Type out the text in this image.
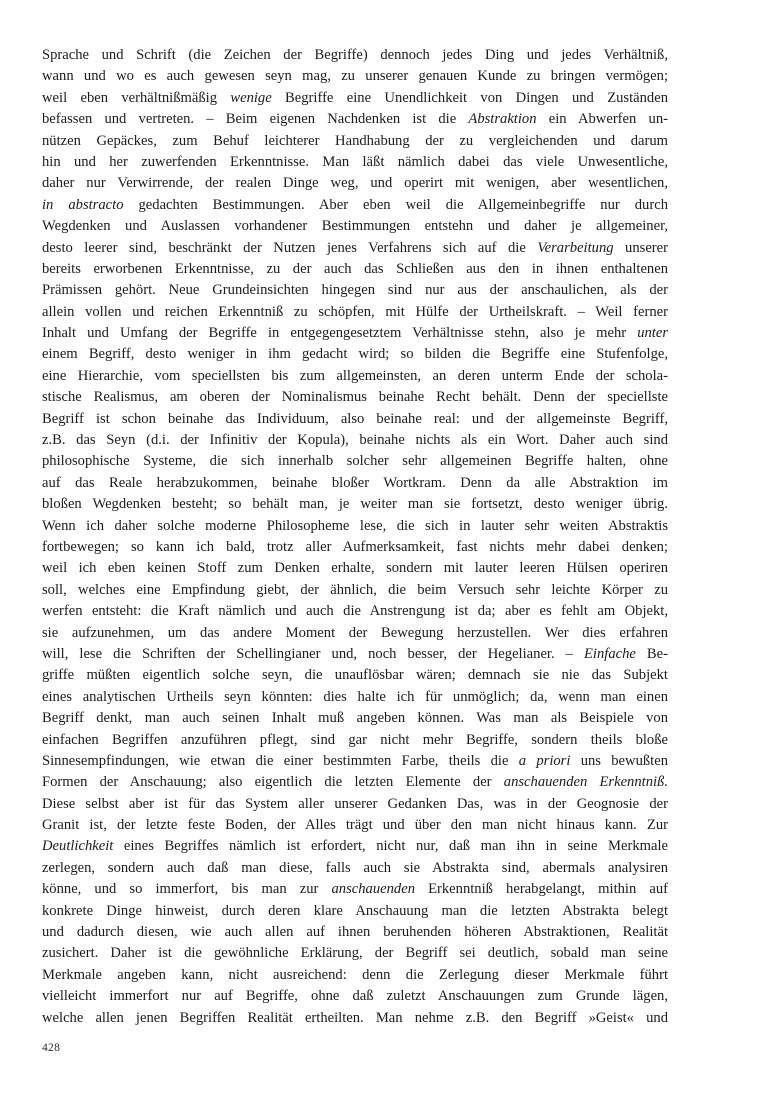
Sprache und Schrift (die Zeichen der Begriffe) dennoch jedes Ding und jedes Verhältniß,
wann und wo es auch gewesen seyn mag, zu unserer genauen Kunde zu bringen vermögen;
weil eben verhältnißmäßig wenige Begriffe eine Unendlichkeit von Dingen und Zuständen
befassen und vertreten. – Beim eigenen Nachdenken ist die Abstraktion ein Abwerfen un-
nützen Gepäckes, zum Behuf leichterer Handhabung der zu vergleichenden und darum
hin und her zuwerfenden Erkenntnisse. Man läßt nämlich dabei das viele Unwesentliche,
daher nur Verwirrende, der realen Dinge weg, und operirt mit wenigen, aber wesentlichen,
in abstracto gedachten Bestimmungen. Aber eben weil die Allgemeinbegriffe nur durch
Wegdenken und Auslassen vorhandener Bestimmungen entstehn und daher je allgemeiner,
desto leerer sind, beschränkt der Nutzen jenes Verfahrens sich auf die Verarbeitung unserer
bereits erworbenen Erkenntnisse, zu der auch das Schließen aus den in ihnen enthaltenen
Prämissen gehört. Neue Grundeinsichten hingegen sind nur aus der anschaulichen, als der
allein vollen und reichen Erkenntniß zu schöpfen, mit Hülfe der Urtheilskraft. – Weil ferner
Inhalt und Umfang der Begriffe in entgegengesetztem Verhältnisse stehn, also je mehr unter
einem Begriff, desto weniger in ihm gedacht wird; so bilden die Begriffe eine Stufenfolge,
eine Hierarchie, vom speciellsten bis zum allgemeinsten, an deren unterm Ende der schola-
stische Realismus, am oberen der Nominalismus beinahe Recht behält. Denn der speciellste
Begriff ist schon beinahe das Individuum, also beinahe real: und der allgemeinste Begriff,
z.B. das Seyn (d.i. der Infinitiv der Kopula), beinahe nichts als ein Wort. Daher auch sind
philosophische Systeme, die sich innerhalb solcher sehr allgemeinen Begriffe halten, ohne
auf das Reale herabzukommen, beinahe bloßer Wortkram. Denn da alle Abstraktion im
bloßen Wegdenken besteht; so behält man, je weiter man sie fortsetzt, desto weniger übrig.
Wenn ich daher solche moderne Philosopheme lese, die sich in lauter sehr weiten Abstraktis
fortbewegen; so kann ich bald, trotz aller Aufmerksamkeit, fast nichts mehr dabei denken;
weil ich eben keinen Stoff zum Denken erhalte, sondern mit lauter leeren Hülsen operiren
soll, welches eine Empfindung giebt, der ähnlich, die beim Versuch sehr leichte Körper zu
werfen entsteht: die Kraft nämlich und auch die Anstrengung ist da; aber es fehlt am Objekt,
sie aufzunehmen, um das andere Moment der Bewegung herzustellen. Wer dies erfahren
will, lese die Schriften der Schellingianer und, noch besser, der Hegelianer. – Einfache Be-
griffe müßten eigentlich solche seyn, die unauflösbar wären; demnach sie nie das Subjekt
eines analytischen Urtheils seyn könnten: dies halte ich für unmöglich; da, wenn man einen
Begriff denkt, man auch seinen Inhalt muß angeben können. Was man als Beispiele von
einfachen Begriffen anzuführen pflegt, sind gar nicht mehr Begriffe, sondern theils bloße
Sinnesempfindungen, wie etwan die einer bestimmten Farbe, theils die a priori uns bewußten
Formen der Anschauung; also eigentlich die letzten Elemente der anschauenden Erkenntniß.
Diese selbst aber ist für das System aller unserer Gedanken Das, was in der Geognosie der
Granit ist, der letzte feste Boden, der Alles trägt und über den man nicht hinaus kann. Zur
Deutlichkeit eines Begriffes nämlich ist erfordert, nicht nur, daß man ihn in seine Merkmale
zerlegen, sondern auch daß man diese, falls auch sie Abstrakta sind, abermals analysiren
könne, und so immerfort, bis man zur anschauenden Erkenntniß herabgelangt, mithin auf
konkrete Dinge hinweist, durch deren klare Anschauung man die letzten Abstrakta belegt
und dadurch diesen, wie auch allen auf ihnen beruhenden höheren Abstraktionen, Realität
zusichert. Daher ist die gewöhnliche Erklärung, der Begriff sei deutlich, sobald man seine
Merkmale angeben kann, nicht ausreichend: denn die Zerlegung dieser Merkmale führt
vielleicht immerfort nur auf Begriffe, ohne daß zuletzt Anschauungen zum Grunde lägen,
welche allen jenen Begriffen Realität ertheilten. Man nehme z.B. den Begriff »Geist« und
428
